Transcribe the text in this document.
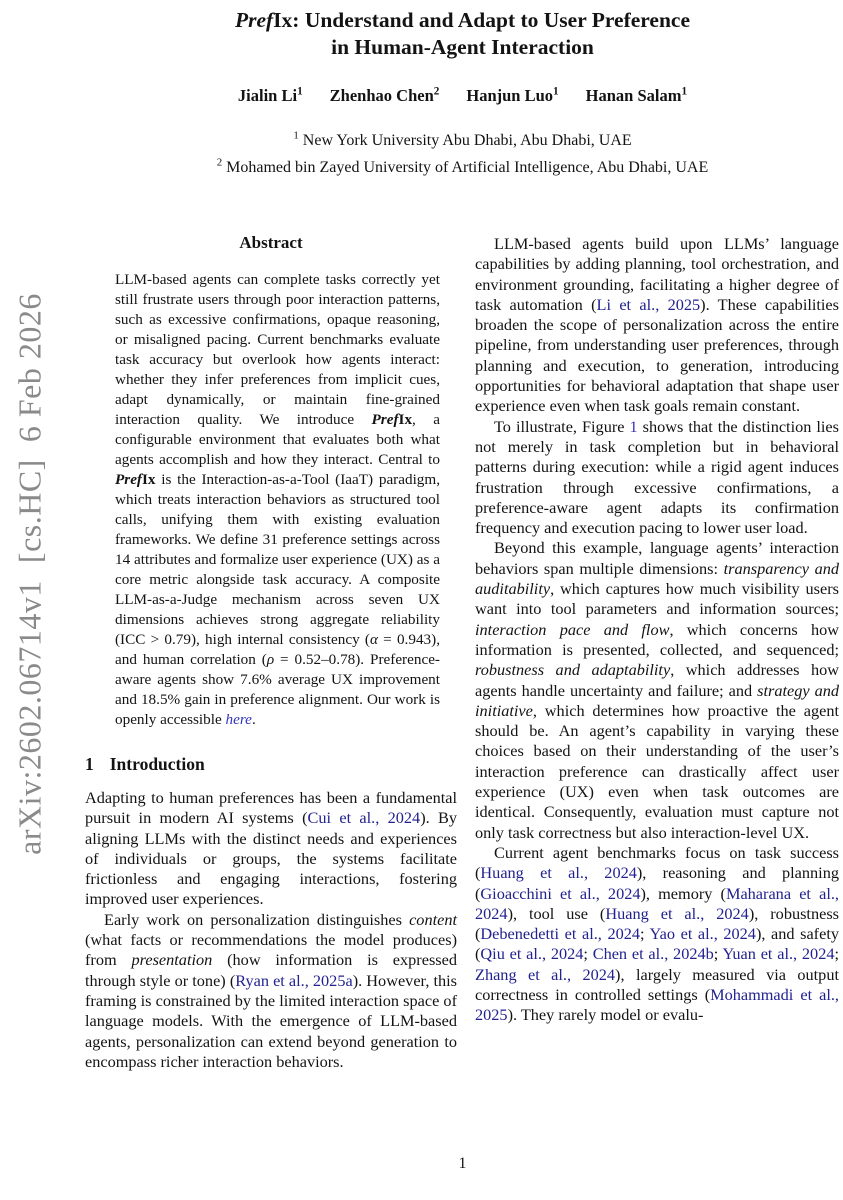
arXiv:2602.06714v1  [cs.HC]  6 Feb 2026
PrefIx: Understand and Adapt to User Preference
in Human-Agent Interaction
Jialin Li$^1$ Zhenhao Chen$^2$ Hanjun Luo$^1$ Hanan Salam$^1$
$^1$ New York University Abu Dhabi, Abu Dhabi, UAE
$^2$ Mohamed bin Zayed University of Artificial Intelligence, Abu Dhabi, UAE
Abstract
LLM-based agents can complete tasks correctly yet still frustrate users through poor interaction patterns, such as excessive confirmations, opaque reasoning, or misaligned pacing. Current benchmarks evaluate task accuracy but overlook how agents interact: whether they infer preferences from implicit cues, adapt dynamically, or maintain fine-grained interaction quality. We introduce PrefIx, a configurable environment that evaluates both what agents accomplish and how they interact. Central to PrefIx is the Interaction-as-a-Tool (IaaT) paradigm, which treats interaction behaviors as structured tool calls, unifying them with existing evaluation frameworks. We define 31 preference settings across 14 attributes and formalize user experience (UX) as a core metric alongside task accuracy. A composite LLM-as-a-Judge mechanism across seven UX dimensions achieves strong aggregate reliability (ICC > 0.79), high internal consistency (α = 0.943), and human correlation (ρ = 0.52–0.78). Preference-aware agents show 7.6% average UX improvement and 18.5% gain in preference alignment. Our work is openly accessible here.
1 Introduction

Adapting to human preferences has been a fundamental pursuit in modern AI systems (Cui et al., 2024). By aligning LLMs with the distinct needs and experiences of individuals or groups, the systems facilitate frictionless and engaging interactions, fostering improved user experiences.

Early work on personalization distinguishes content (what facts or recommendations the model produces) from presentation (how information is expressed through style or tone) (Ryan et al., 2025a). However, this framing is constrained by the limited interaction space of language models. With the emergence of LLM-based agents, personalization can extend beyond generation to encompass richer interaction behaviors.

LLM-based agents build upon LLMs’ language capabilities by adding planning, tool orchestration, and environment grounding, facilitating a higher degree of task automation (Li et al., 2025). These capabilities broaden the scope of personalization across the entire pipeline, from understanding user preferences, through planning and execution, to generation, introducing opportunities for behavioral adaptation that shape user experience even when task goals remain constant.

To illustrate, Figure 1 shows that the distinction lies not merely in task completion but in behavioral patterns during execution: while a rigid agent induces frustration through excessive confirmations, a preference-aware agent adapts its confirmation frequency and execution pacing to lower user load.

Beyond this example, language agents’ interaction behaviors span multiple dimensions: transparency and auditability, which captures how much visibility users want into tool parameters and information sources; interaction pace and flow, which concerns how information is presented, collected, and sequenced; robustness and adaptability, which addresses how agents handle uncertainty and failure; and strategy and initiative, which determines how proactive the agent should be. An agent’s capability in varying these choices based on their understanding of the user’s interaction preference can drastically affect user experience (UX) even when task outcomes are identical. Consequently, evaluation must capture not only task correctness but also interaction-level UX.

Current agent benchmarks focus on task success (Huang et al., 2024), reasoning and planning (Gioacchini et al., 2024), memory (Maharana et al., 2024), tool use (Huang et al., 2024), robustness (Debenedetti et al., 2024; Yao et al., 2024), and safety (Qiu et al., 2024; Chen et al., 2024b; Yuan et al., 2024; Zhang et al., 2024), largely measured via output correctness in controlled settings (Mohammadi et al., 2025). They rarely model or evalu-

1
